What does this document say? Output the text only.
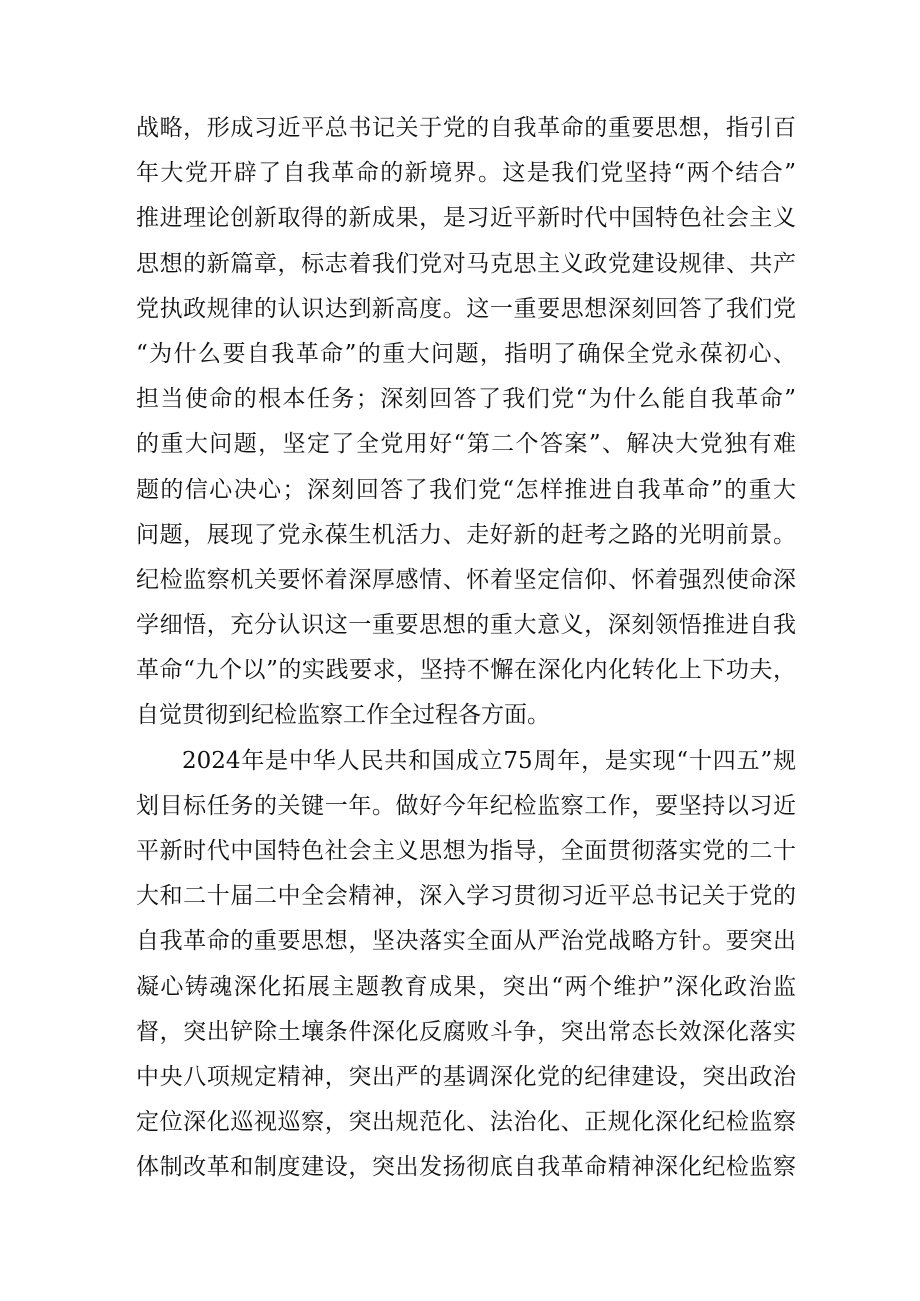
战略，形成习近平总书记关于党的自我革命的重要思想，指引百
年大党开辟了自我革命的新境界。这是我们党坚持“两个结合”
推进理论创新取得的新成果，是习近平新时代中国特色社会主义
思想的新篇章，标志着我们党对马克思主义政党建设规律、共产
党执政规律的认识达到新高度。这一重要思想深刻回答了我们党
“为什么要自我革命”的重大问题，指明了确保全党永葆初心、
担当使命的根本任务；深刻回答了我们党“为什么能自我革命”
的重大问题，坚定了全党用好“第二个答案”、解决大党独有难
题的信心决心；深刻回答了我们党“怎样推进自我革命”的重大
问题，展现了党永葆生机活力、走好新的赶考之路的光明前景。
纪检监察机关要怀着深厚感情、怀着坚定信仰、怀着强烈使命深
学细悟，充分认识这一重要思想的重大意义，深刻领悟推进自我
革命“九个以”的实践要求，坚持不懈在深化内化转化上下功夫，
自觉贯彻到纪检监察工作全过程各方面。
2024年是中华人民共和国成立75周年，是实现“十四五”规
划目标任务的关键一年。做好今年纪检监察工作，要坚持以习近
平新时代中国特色社会主义思想为指导，全面贯彻落实党的二十
大和二十届二中全会精神，深入学习贯彻习近平总书记关于党的
自我革命的重要思想，坚决落实全面从严治党战略方针。要突出
凝心铸魂深化拓展主题教育成果，突出“两个维护”深化政治监
督，突出铲除土壤条件深化反腐败斗争，突出常态长效深化落实
中央八项规定精神，突出严的基调深化党的纪律建设，突出政治
定位深化巡视巡察，突出规范化、法治化、正规化深化纪检监察
体制改革和制度建设，突出发扬彻底自我革命精神深化纪检监察
